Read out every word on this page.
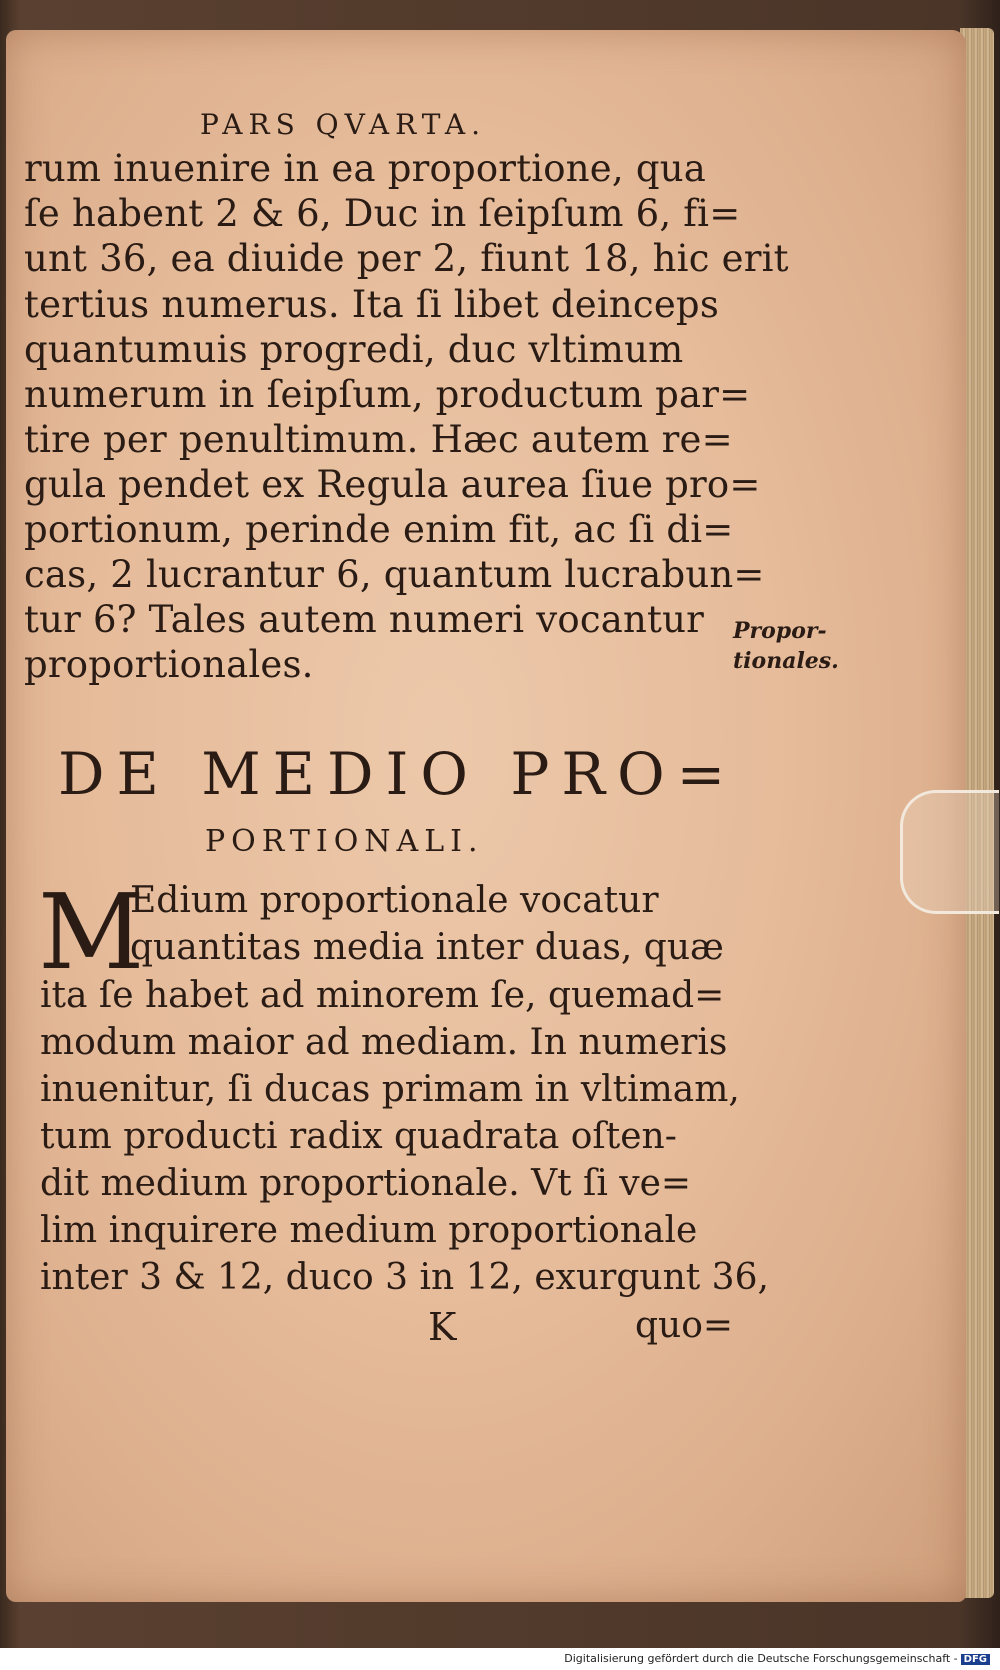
PARS QVARTA.
rum inuenire in ea proportione, qua
ſe habent 2 & 6, Duc in ſeipſum 6, fi=
unt 36, ea diuide per 2, fiunt 18, hic erit
tertius numerus. Ita ſi libet deinceps
quantumuis progredi, duc vltimum
numerum in ſeipſum, productum par=
tire per penultimum. Hæc autem re=
gula pendet ex Regula aurea ſiue pro=
portionum, perinde enim fit, ac ſi di=
cas, 2 lucrantur 6, quantum lucrabun=
tur 6? Tales autem numeri vocantur
proportionales.
Propor-
tionales.
DE MEDIO PRO=
PORTIONALI.
M
Edium proportionale vocatur
quantitas media inter duas, quæ
ita ſe habet ad minorem ſe, quemad=
modum maior ad mediam. In numeris
inuenitur, ſi ducas primam in vltimam,
tum producti radix quadrata oſten-
dit medium proportionale. Vt ſi ve=
lim inquirere medium proportionale
inter 3 & 12, duco 3 in 12, exurgunt 36,
K	quo=
Digitalisierung gefördert durch die Deutsche Forschungsgemeinschaft - DFG
